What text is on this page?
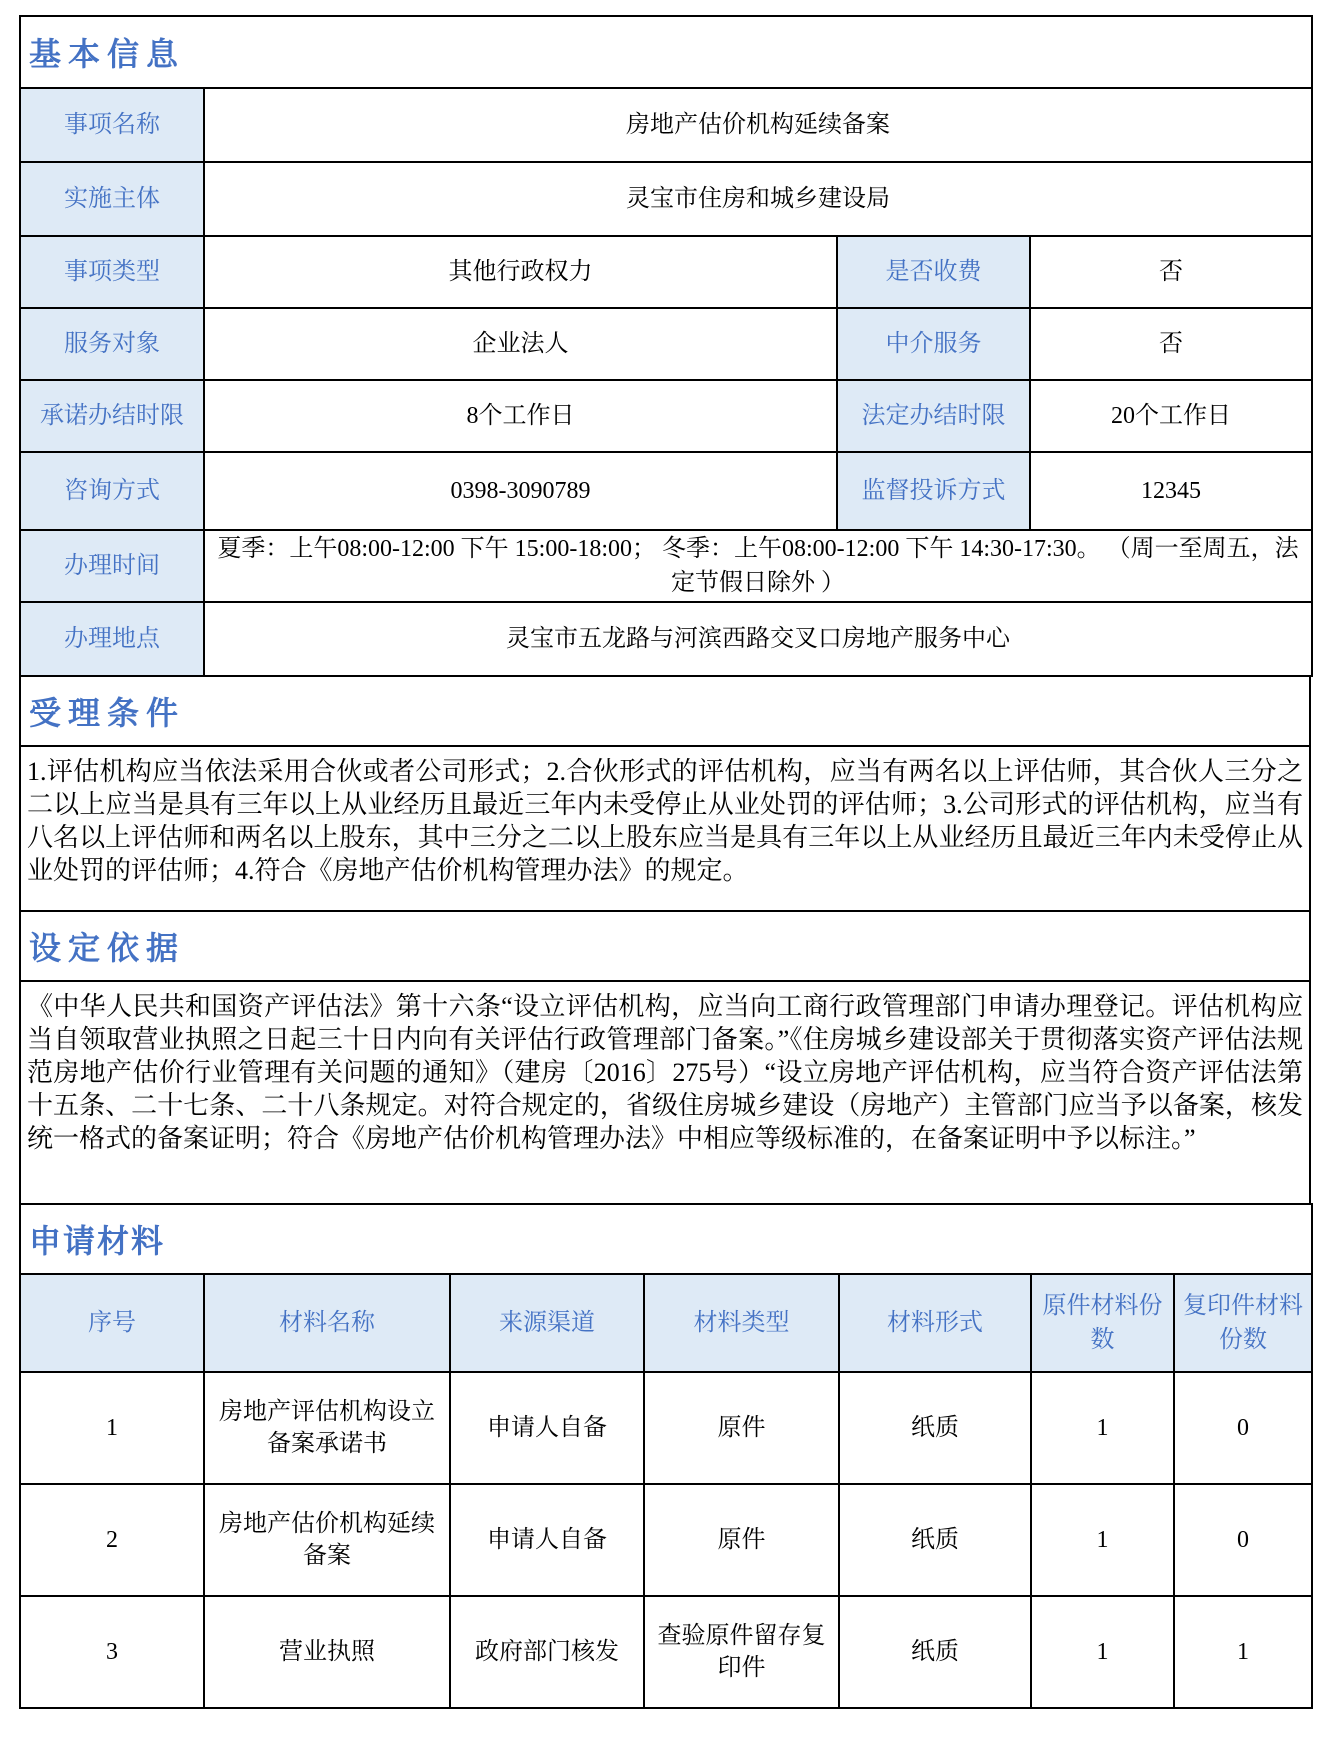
基本信息			
事项名称	房地产估价机构延续备案		
实施主体	灵宝市住房和城乡建设局		
事项类型	其他行政权力	是否收费	否
服务对象	企业法人	中介服务	否
承诺办结时限	8个工作日	法定办结时限	20个工作日
咨询方式	0398-3090789	监督投诉方式	12345
办理时间	夏季：上午08:00-12:00 下午 15:00-18:00； 冬季：上午08:00-12:00 下午 14:30-17:30。 （周一至周五，法定节假日除外 ）		
办理地点	灵宝市五龙路与河滨西路交叉口房地产服务中心		
受理条件
1.评估机构应当依法采用合伙或者公司形式；2.合伙形式的评估机构，应当有两名以上评估师，其合伙人三分之二以上应当是具有三年以上从业经历且最近三年内未受停止从业处罚的评估师；3.公司形式的评估机构，应当有八名以上评估师和两名以上股东，其中三分之二以上股东应当是具有三年以上从业经历且最近三年内未受停止从业处罚的评估师；4.符合《房地产估价机构管理办法》的规定。
设定依据
《中华人民共和国资产评估法》第十六条“设立评估机构，应当向工商行政管理部门申请办理登记。评估机构应当自领取营业执照之日起三十日内向有关评估行政管理部门备案。”《住房城乡建设部关于贯彻落实资产评估法规范房地产估价行业管理有关问题的通知》（建房〔2016〕275号）“设立房地产评估机构，应当符合资产评估法第十五条、二十七条、二十八条规定。对符合规定的，省级住房城乡建设（房地产）主管部门应当予以备案，核发统一格式的备案证明；符合《房地产估价机构管理办法》中相应等级标准的，在备案证明中予以标注。”
申请材料						
序号	材料名称	来源渠道	材料类型	材料形式	原件材料份数	复印件材料份数
1	房地产评估机构设立备案承诺书	申请人自备	原件	纸质	1	0
2	房地产估价机构延续备案	申请人自备	原件	纸质	1	0
3	营业执照	政府部门核发	查验原件留存复印件	纸质	1	1
